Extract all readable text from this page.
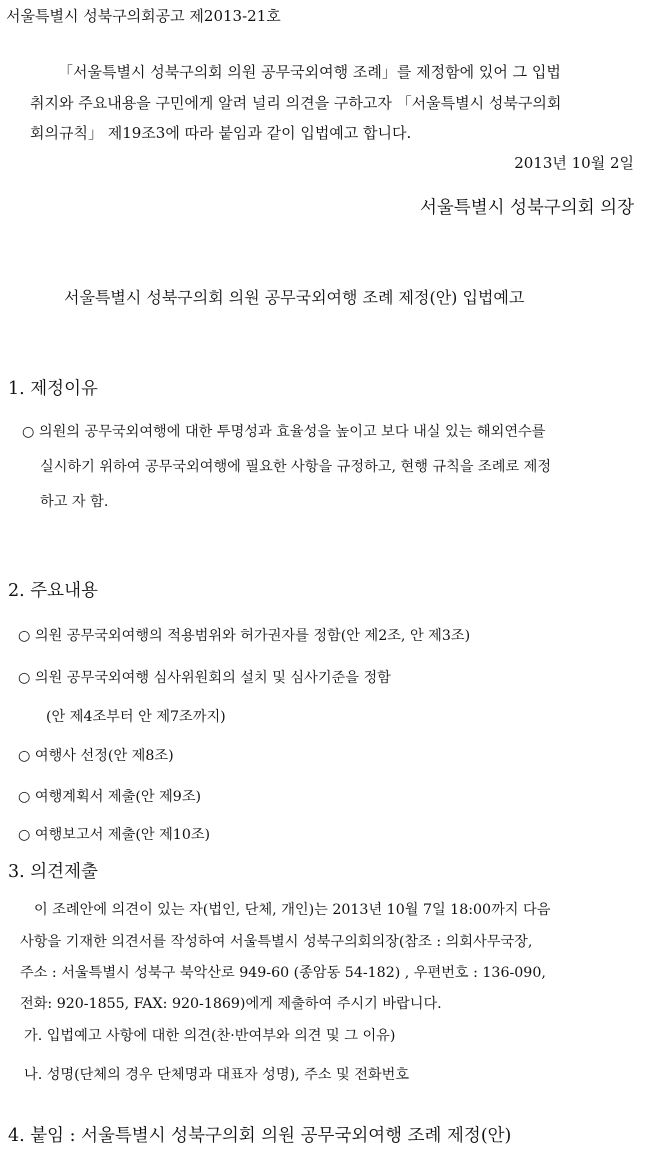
서울특별시 성북구의회공고 제2013-21호

「서울특별시 성북구의회 의원 공무국외여행 조례」를 제정함에 있어 그 입법

취지와 주요내용을 구민에게 알려 널리 의견을 구하고자 「서울특별시 성북구의회

회의규칙」 제19조3에 따라 붙임과 같이 입법예고 합니다.

2013년 10월 2일

서울특별시 성북구의회 의장

서울특별시 성북구의회 의원 공무국외여행 조례 제정(안) 입법예고

1. 제정이유

○ 의원의 공무국외여행에 대한 투명성과 효율성을 높이고 보다 내실 있는 해외연수를

실시하기 위하여 공무국외여행에 필요한 사항을 규정하고, 현행 규칙을 조례로 제정

하고 자 함.

2. 주요내용

○ 의원 공무국외여행의 적용범위와 허가권자를 정함(안 제2조, 안 제3조)

○ 의원 공무국외여행 심사위원회의 설치 및 심사기준을 정함

(안 제4조부터 안 제7조까지)

○ 여행사 선정(안 제8조)

○ 여행계획서 제출(안 제9조)

○ 여행보고서 제출(안 제10조)

3. 의견제출

이 조례안에 의견이 있는 자(법인, 단체, 개인)는 2013년 10월 7일 18:00까지 다음

사항을 기재한 의견서를 작성하여 서울특별시 성북구의회의장(참조 : 의회사무국장,

주소 : 서울특별시 성북구 북악산로 949-60 (종암동 54-182) , 우편번호 : 136-090,

전화: 920-1855, FAX: 920-1869)에게 제출하여 주시기 바랍니다.

가. 입법예고 사항에 대한 의견(찬·반여부와 의견 및 그 이유)

나. 성명(단체의 경우 단체명과 대표자 성명), 주소 및 전화번호

4. 붙임 : 서울특별시 성북구의회 의원 공무국외여행 조례 제정(안)
